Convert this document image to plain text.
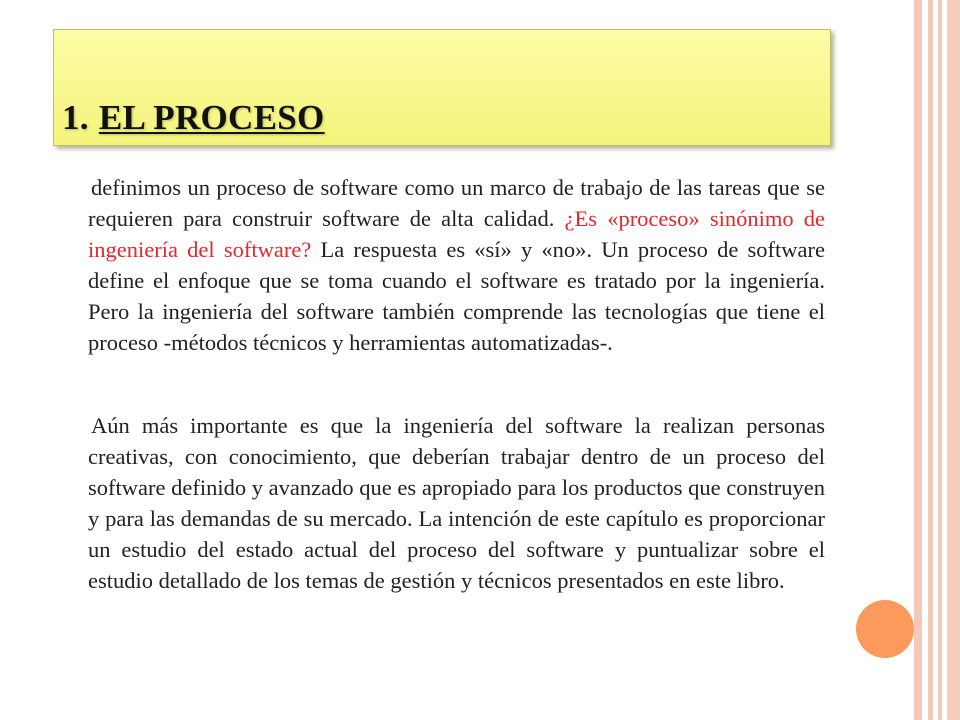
1. EL PROCESO

definimos un proceso de software como un marco de trabajo de las tareas que se requieren para construir software de alta calidad. ¿Es «proceso» sinónimo de ingeniería del software? La respuesta es «sí» y «no». Un proceso de software define el enfoque que se toma cuando el software es tratado por la ingeniería. Pero la ingeniería del software también comprende las tecnologías que tiene el proceso -métodos técnicos y herramientas automatizadas-.

Aún más importante es que la ingeniería del software la realizan personas creativas, con conocimiento, que deberían trabajar dentro de un proceso del software definido y avanzado que es apropiado para los productos que construyen y para las demandas de su mercado. La intención de este capítulo es proporcionar un estudio del estado actual del proceso del software y puntualizar sobre el estudio detallado de los temas de gestión y técnicos presentados en este libro.
